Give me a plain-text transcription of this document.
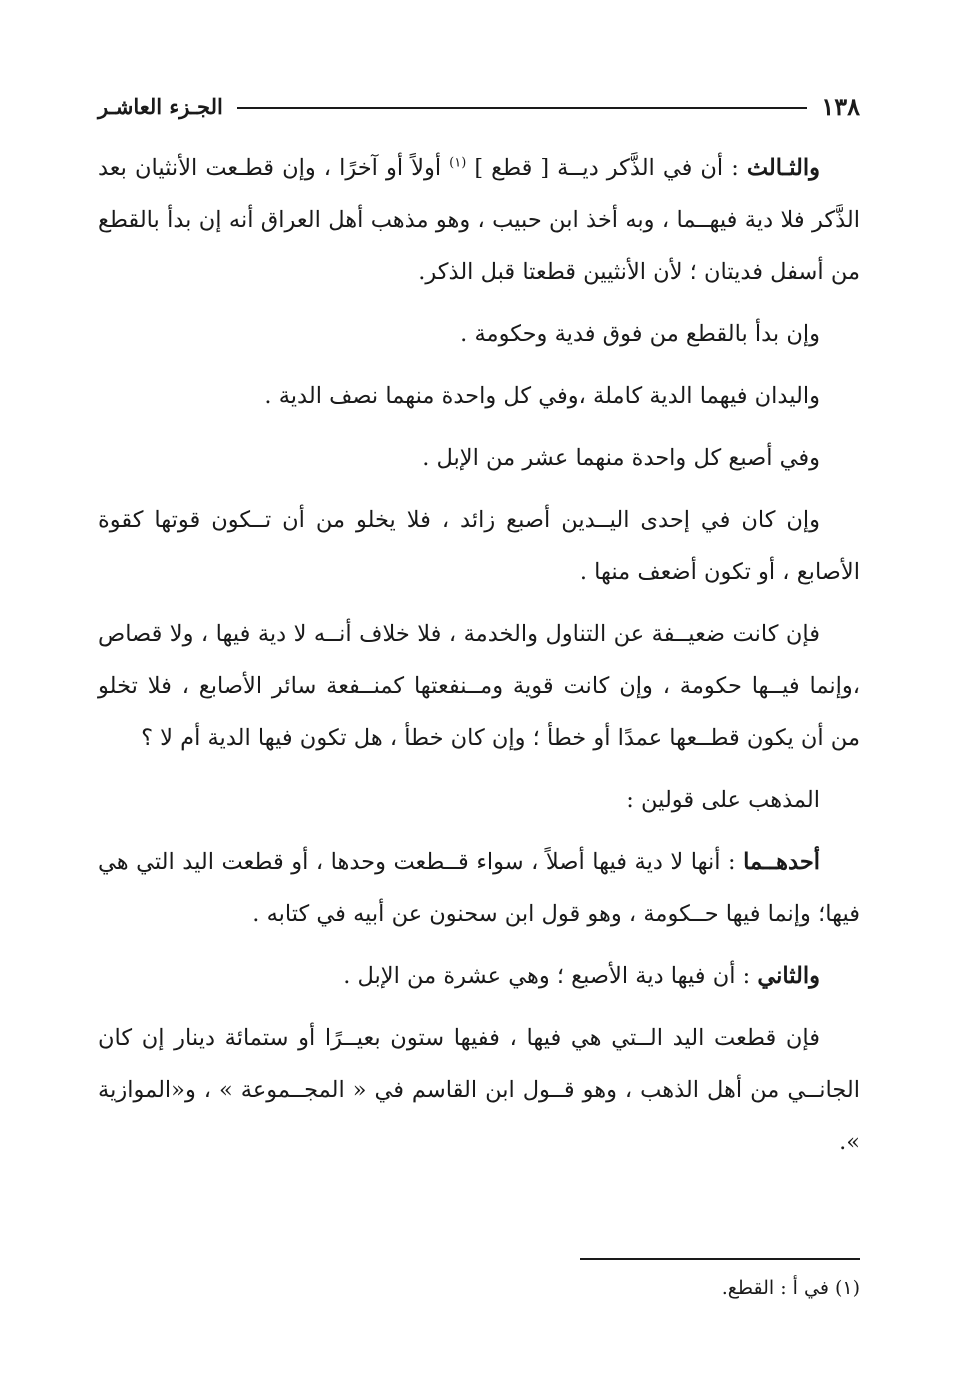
١٣٨
الجـزء العاشـر

والثـالث : أن في الذَّكر ديــة [ قطع ] $^{(١)}$ أولاً أو آخرًا ، وإن قطـعت الأنثيان بعد الذَّكر فلا دية فيهــما ، وبه أخذ ابن حبيب ، وهو مذهب أهل العراق أنه إن بدأ بالقطع من أسفل فديتان ؛ لأن الأنثيين قطعتا قبل الذكر.

وإن بدأ بالقطع من فوق فدية وحكومة .

واليدان فيهما الدية كاملة ،وفي كل واحدة منهما نصف الدية .

وفي أصبع كل واحدة منهما عشر من الإبل .

وإن كان في إحدى اليــدين أصبع زائد ، فلا يخلو من أن تــكون قوتها كقوة الأصابع ، أو تكون أضعف منها .

فإن كانت ضعيــفة عن التناول والخدمة ، فلا خلاف أنــه لا دية فيها ، ولا قصاص ،وإنما فيــها حكومة ، وإن كانت قوية ومــنفعتها كمنــفعة سائر الأصابع ، فلا تخلو من أن يكون قطــعها عمدًا أو خطأ ؛ وإن كان خطأ ، هل تكون فيها الدية أم لا ؟

المذهب على قولين :

أحدهــما : أنها لا دية فيها أصلاً ، سواء قــطعت وحدها ، أو قطعت اليد التي هي فيها؛ وإنما فيها حــكومة ، وهو قول ابن سحنون عن أبيه في كتابه .

والثاني : أن فيها دية الأصبع ؛ وهي عشرة من الإبل .

فإن قطعت اليد الــتي هي فيها ، ففيها ستون بعيــرًا أو ستمائة دينار إن كان الجانــي من أهل الذهب ، وهو قــول ابن القاسم في « المجــموعة » ، و«الموازية ».

(١) في أ : القطع.
